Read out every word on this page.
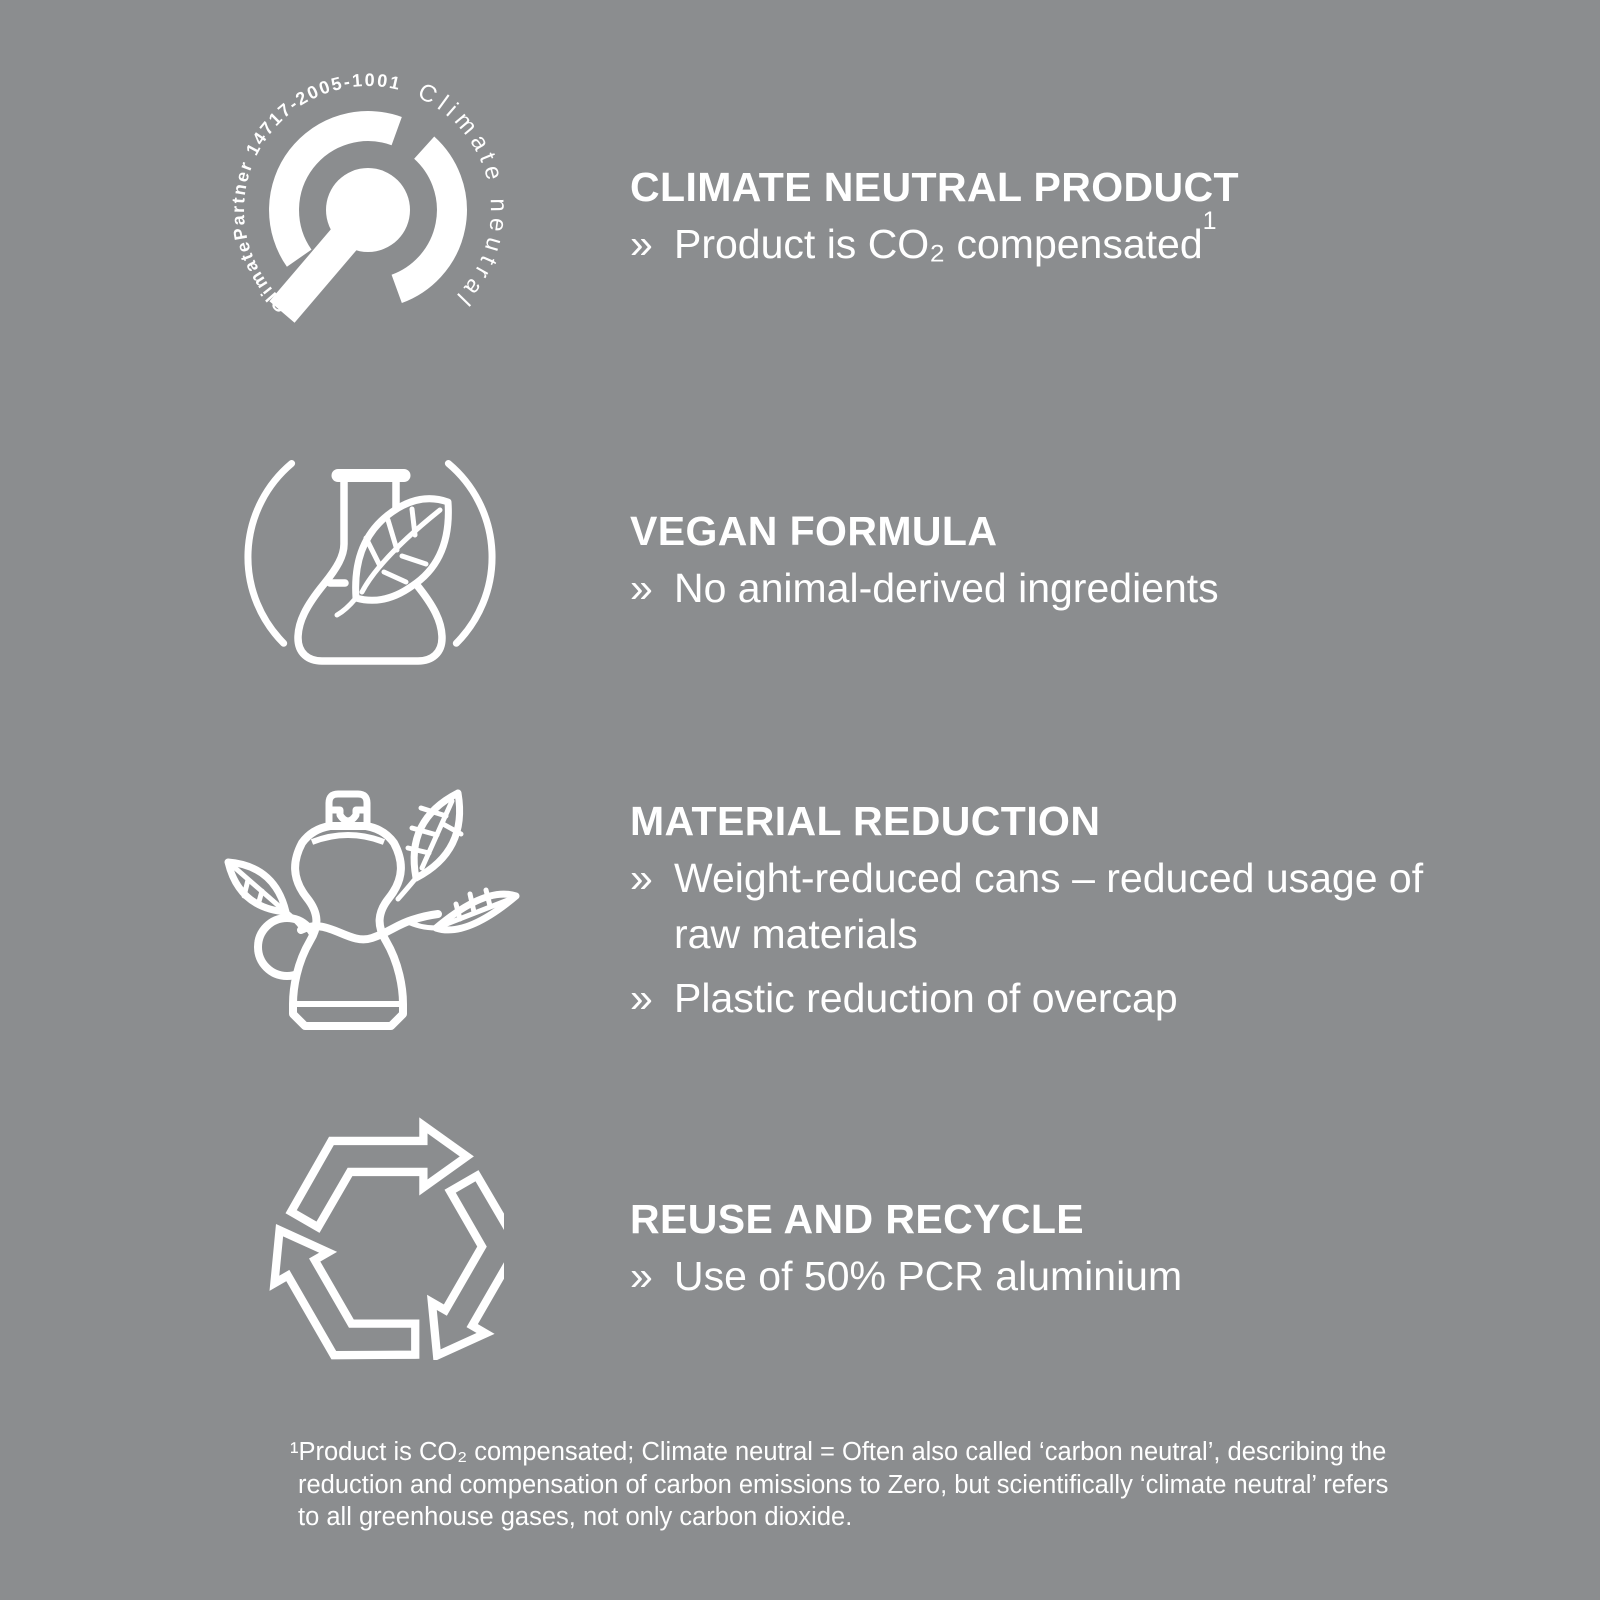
ClimatePartner 14717-2005-1001 Climate neutral
CLIMATE NEUTRAL PRODUCT
» Product is CO₂ compensated$^1$
VEGAN FORMULA
» No animal-derived ingredients
MATERIAL REDUCTION
» Weight-reduced cans – reduced usage of raw materials
» Plastic reduction of overcap
REUSE AND RECYCLE
» Use of 50% PCR aluminium
¹Product is CO₂ compensated; Climate neutral = Often also called ‘carbon neutral’, describing the
reduction and compensation of carbon emissions to Zero, but scientifically ‘climate neutral’ refers
to all greenhouse gases, not only carbon dioxide.
